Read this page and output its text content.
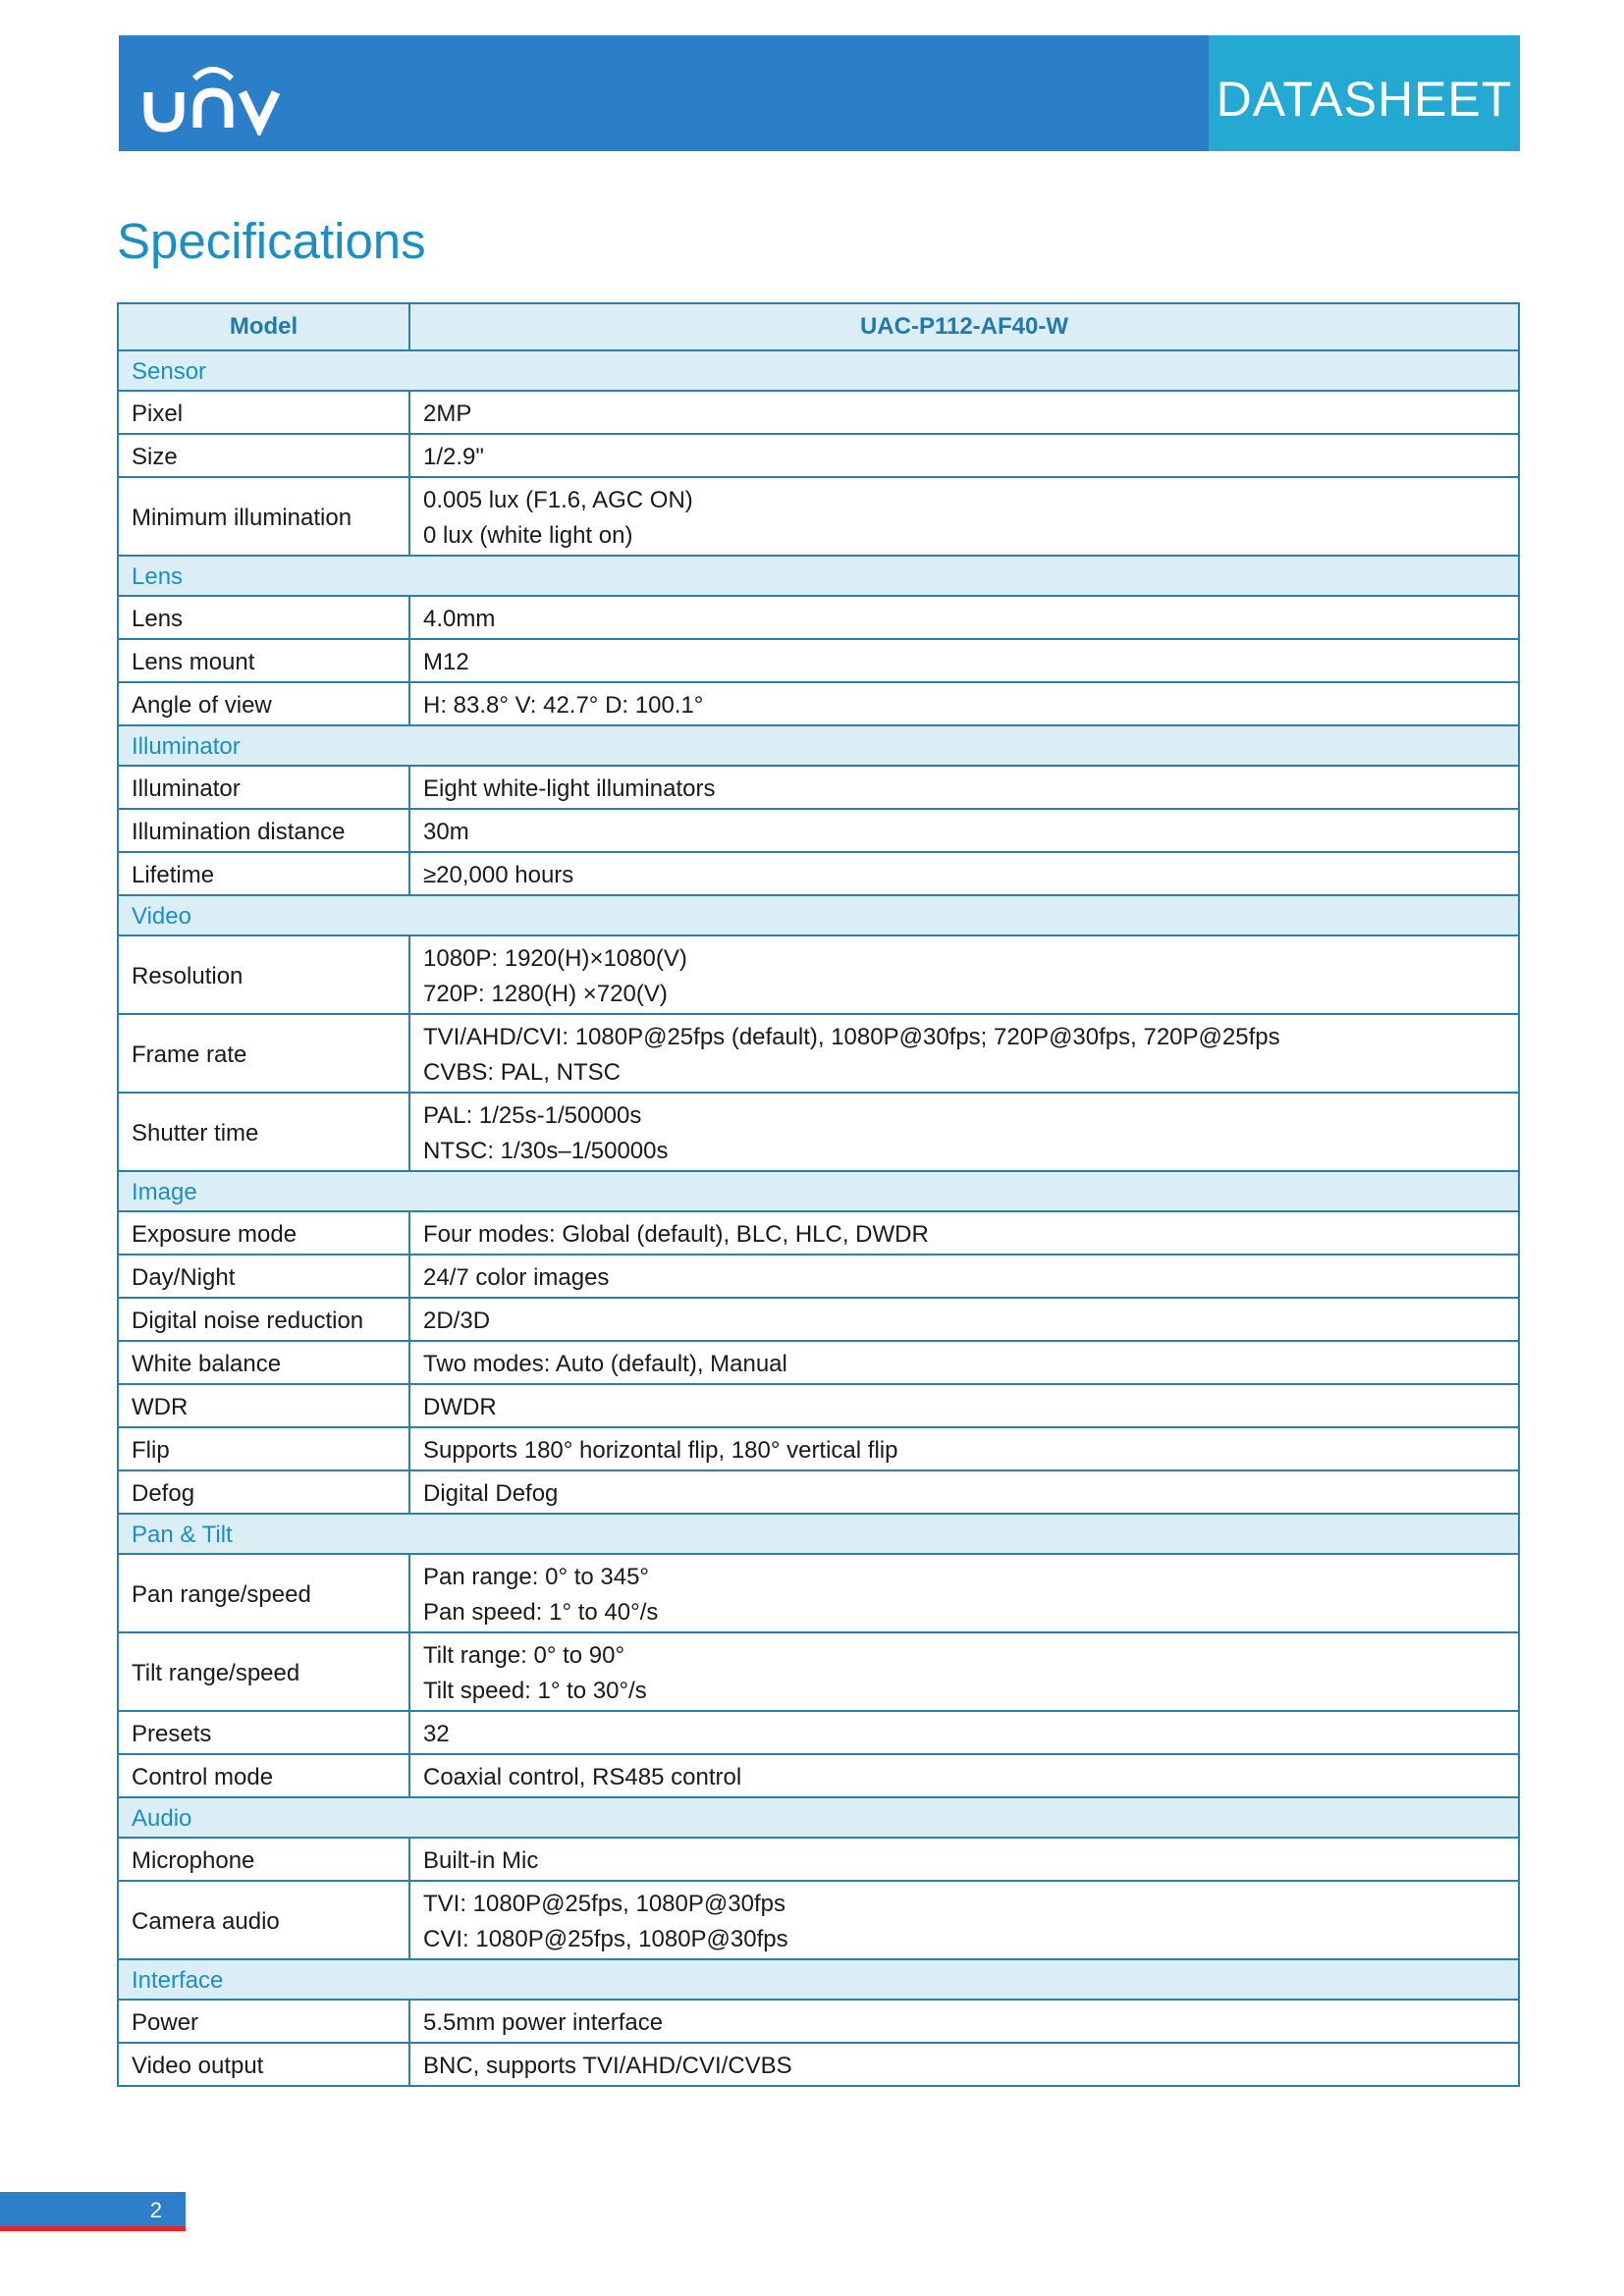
DATASHEET
Specifications
Model	UAC-P112-AF40-W
Sensor	
Pixel	2MP

Size	1/2.9"

Minimum illumination	0.005 lux (F1.6, AGC ON)
0 lux (white light on)

Lens	
Lens	4.0mm

Lens mount	M12

Angle of view	H: 83.8° V: 42.7° D: 100.1°

Illuminator	
Illuminator	Eight white-light illuminators

Illumination distance	30m

Lifetime	≥20,000 hours

Video	
Resolution	1080P: 1920(H)×1080(V)
720P: 1280(H) ×720(V)

Frame rate	TVI/AHD/CVI: 1080P@25fps (default), 1080P@30fps; 720P@30fps, 720P@25fps
CVBS: PAL, NTSC

Shutter time	PAL: 1/25s-1/50000s
NTSC: 1/30s–1/50000s

Image	
Exposure mode	Four modes: Global (default), BLC, HLC, DWDR

Day/Night	24/7 color images

Digital noise reduction	2D/3D

White balance	Two modes: Auto (default), Manual

WDR	DWDR

Flip	Supports 180° horizontal flip, 180° vertical flip

Defog	Digital Defog

Pan & Tilt	
Pan range/speed	Pan range: 0° to 345°
Pan speed: 1° to 40°/s

Tilt range/speed	Tilt range: 0° to 90°
Tilt speed: 1° to 30°/s

Presets	32

Control mode	Coaxial control, RS485 control

Audio	
Microphone	Built-in Mic

Camera audio	TVI: 1080P@25fps, 1080P@30fps
CVI: 1080P@25fps, 1080P@30fps

Interface	
Power	5.5mm power interface

Video output	BNC, supports TVI/AHD/CVI/CVBS
2
